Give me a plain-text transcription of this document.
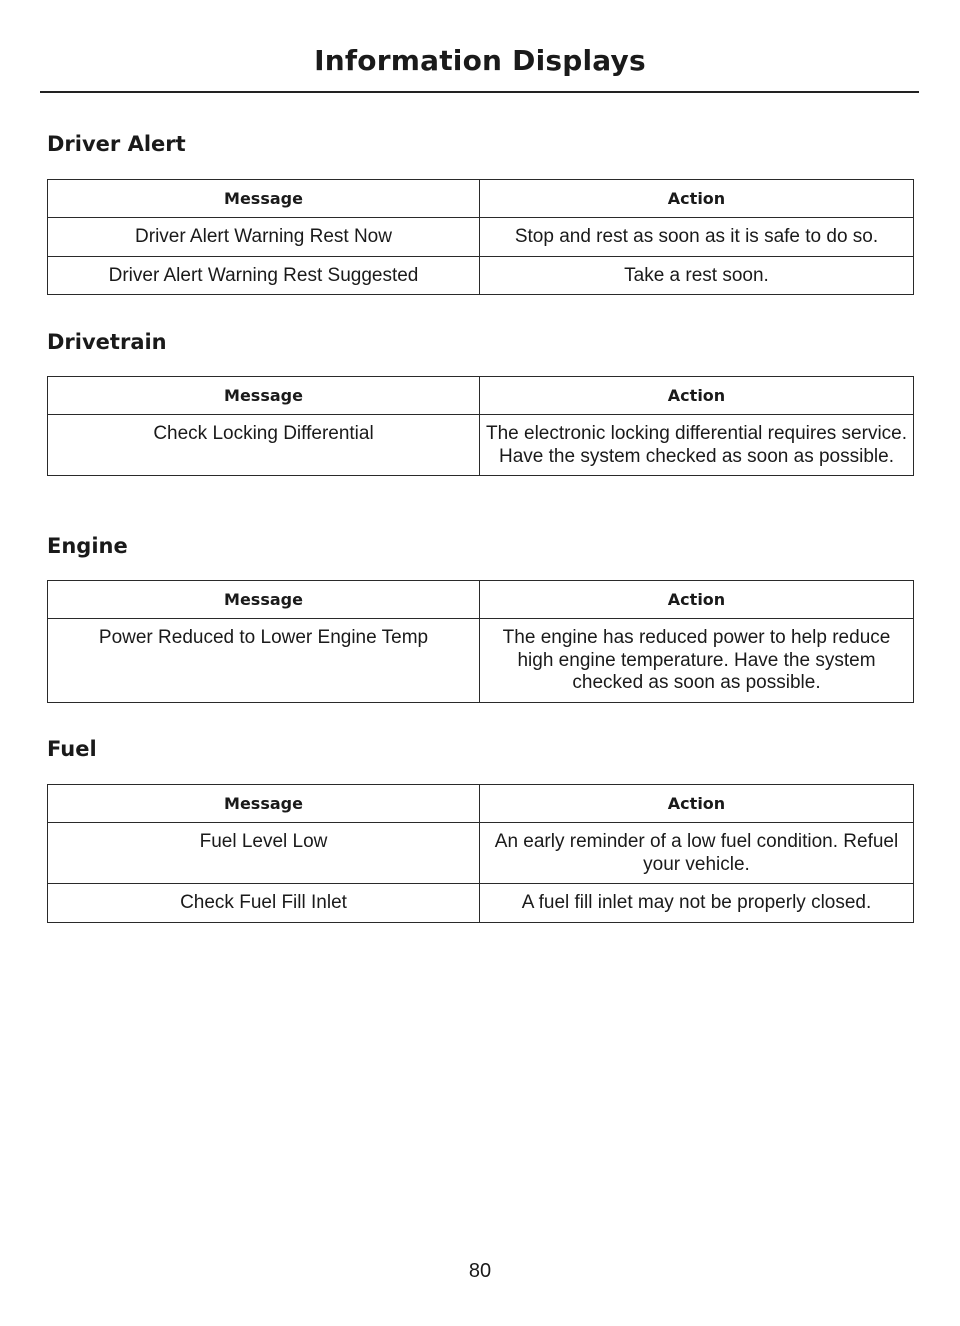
Information Displays
Driver Alert
Message	Action
Driver Alert Warning Rest Now	Stop and rest as soon as it is safe to do so.
Driver Alert Warning Rest Suggested	Take a rest soon.
Drivetrain
Message	Action
Check Locking Differential	The electronic locking differential requires service. Have the system checked as soon as possible.
Engine
Message	Action
Power Reduced to Lower Engine Temp	The engine has reduced power to help reduce high engine temperature. Have the system checked as soon as possible.
Fuel
Message	Action
Fuel Level Low	An early reminder of a low fuel condition. Refuel your vehicle.
Check Fuel Fill Inlet	A fuel fill inlet may not be properly closed.
80
